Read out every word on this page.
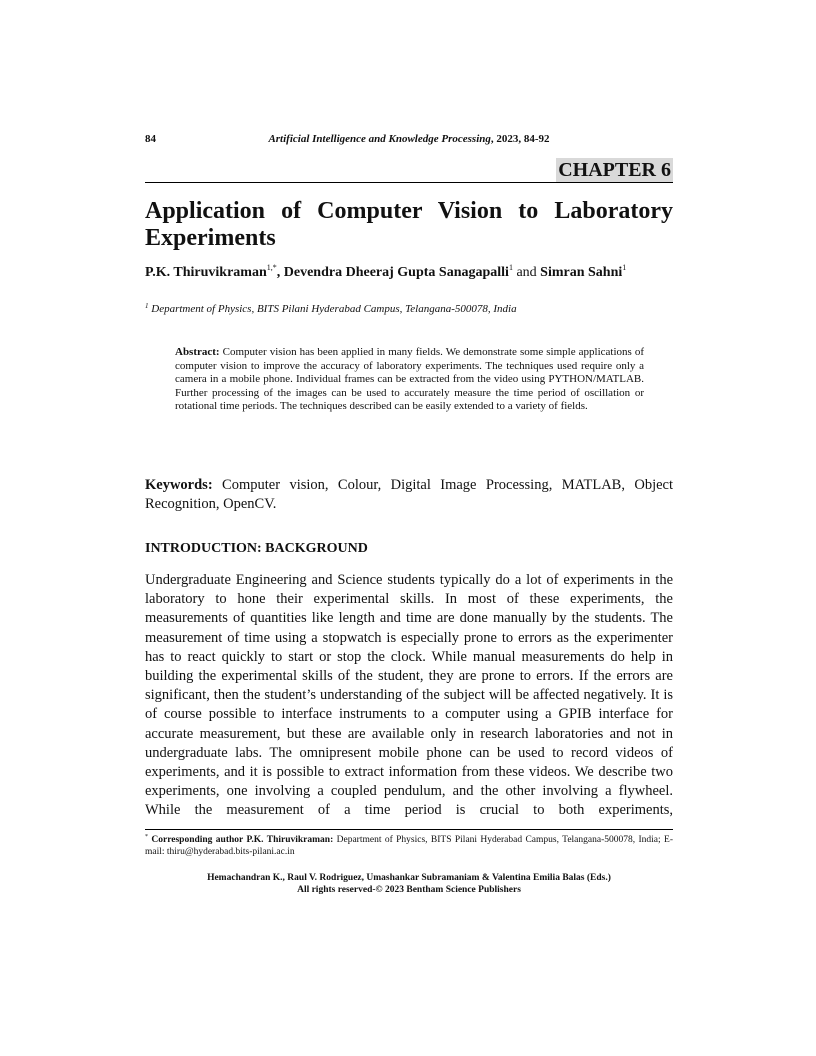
84	Artificial Intelligence and Knowledge Processing, 2023, 84-92
CHAPTER 6
Application of Computer Vision to Laboratory Experiments
P.K. Thiruvikraman$^{1,*}$, Devendra Dheeraj Gupta Sanagapalli$^1$ and Simran Sahni$^1$
$^1$ Department of Physics, BITS Pilani Hyderabad Campus, Telangana-500078, India
Abstract: Computer vision has been applied in many fields. We demonstrate some simple applications of computer vision to improve the accuracy of laboratory experiments. The techniques used require only a camera in a mobile phone. Individual frames can be extracted from the video using PYTHON/MATLAB. Further processing of the images can be used to accurately measure the time period of oscillation or rotational time periods. The techniques described can be easily extended to a variety of fields.
Keywords: Computer vision, Colour, Digital Image Processing, MATLAB, Object Recognition, OpenCV.
INTRODUCTION: BACKGROUND
Undergraduate Engineering and Science students typically do a lot of experiments in the laboratory to hone their experimental skills. In most of these experiments, the measurements of quantities like length and time are done manually by the students. The measurement of time using a stopwatch is especially prone to errors as the experimenter has to react quickly to start or stop the clock. While manual measurements do help in building the experimental skills of the student, they are prone to errors. If the errors are significant, then the student’s understanding of the subject will be affected negatively. It is of course possible to interface instruments to a computer using a GPIB interface for accurate measurement, but these are available only in research laboratories and not in undergraduate labs. The omnipresent mobile phone can be used to record videos of experiments, and it is possible to extract information from these videos. We describe two experiments, one involving a coupled pendulum, and the other involving a flywheel. While the measurement of a time period is crucial to both experiments,
* Corresponding author P.K. Thiruvikraman: Department of Physics, BITS Pilani Hyderabad Campus, Telangana-500078, India; E-mail: thiru@hyderabad.bits-pilani.ac.in
Hemachandran K., Raul V. Rodriguez, Umashankar Subramaniam & Valentina Emilia Balas (Eds.)
All rights reserved-© 2023 Bentham Science Publishers
